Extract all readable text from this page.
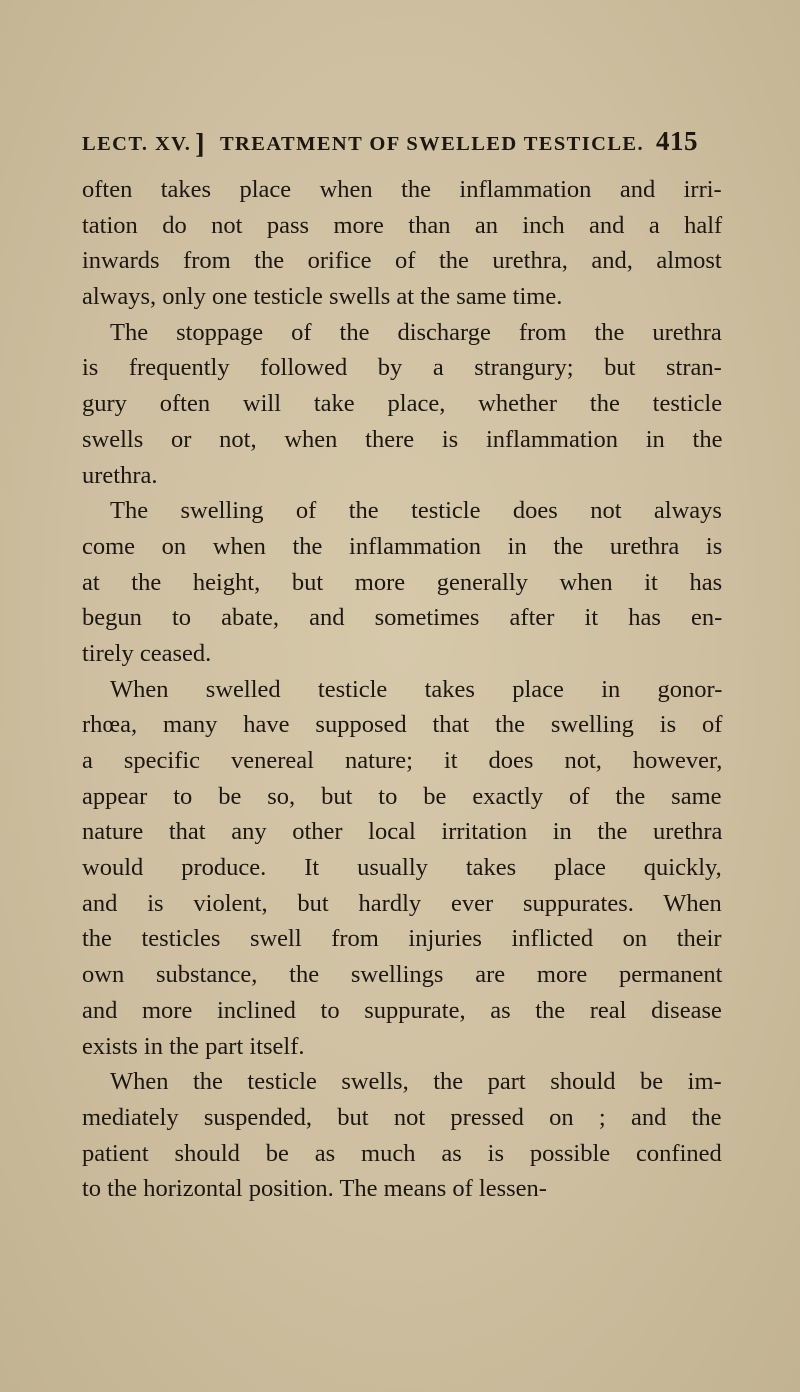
LECT. XV. ] TREATMENT OF SWELLED TESTICLE. 415
often takes place when the inflammation and irri-
tation do not pass more than an inch and a half
inwards from the orifice of the urethra, and, almost
always, only one testicle swells at the same time.
The stoppage of the discharge from the urethra
is frequently followed by a strangury; but stran-
gury often will take place, whether the testicle
swells or not, when there is inflammation in the
urethra.
The swelling of the testicle does not always
come on when the inflammation in the urethra is
at the height, but more generally when it has
begun to abate, and sometimes after it has en-
tirely ceased.
When swelled testicle takes place in gonor-
rhœa, many have supposed that the swelling is of
a specific venereal nature; it does not, however,
appear to be so, but to be exactly of the same
nature that any other local irritation in the urethra
would produce. It usually takes place quickly,
and is violent, but hardly ever suppurates. When
the testicles swell from injuries inflicted on their
own substance, the swellings are more permanent
and more inclined to suppurate, as the real disease
exists in the part itself.
When the testicle swells, the part should be im-
mediately suspended, but not pressed on ; and the
patient should be as much as is possible confined
to the horizontal position. The means of lessen-
